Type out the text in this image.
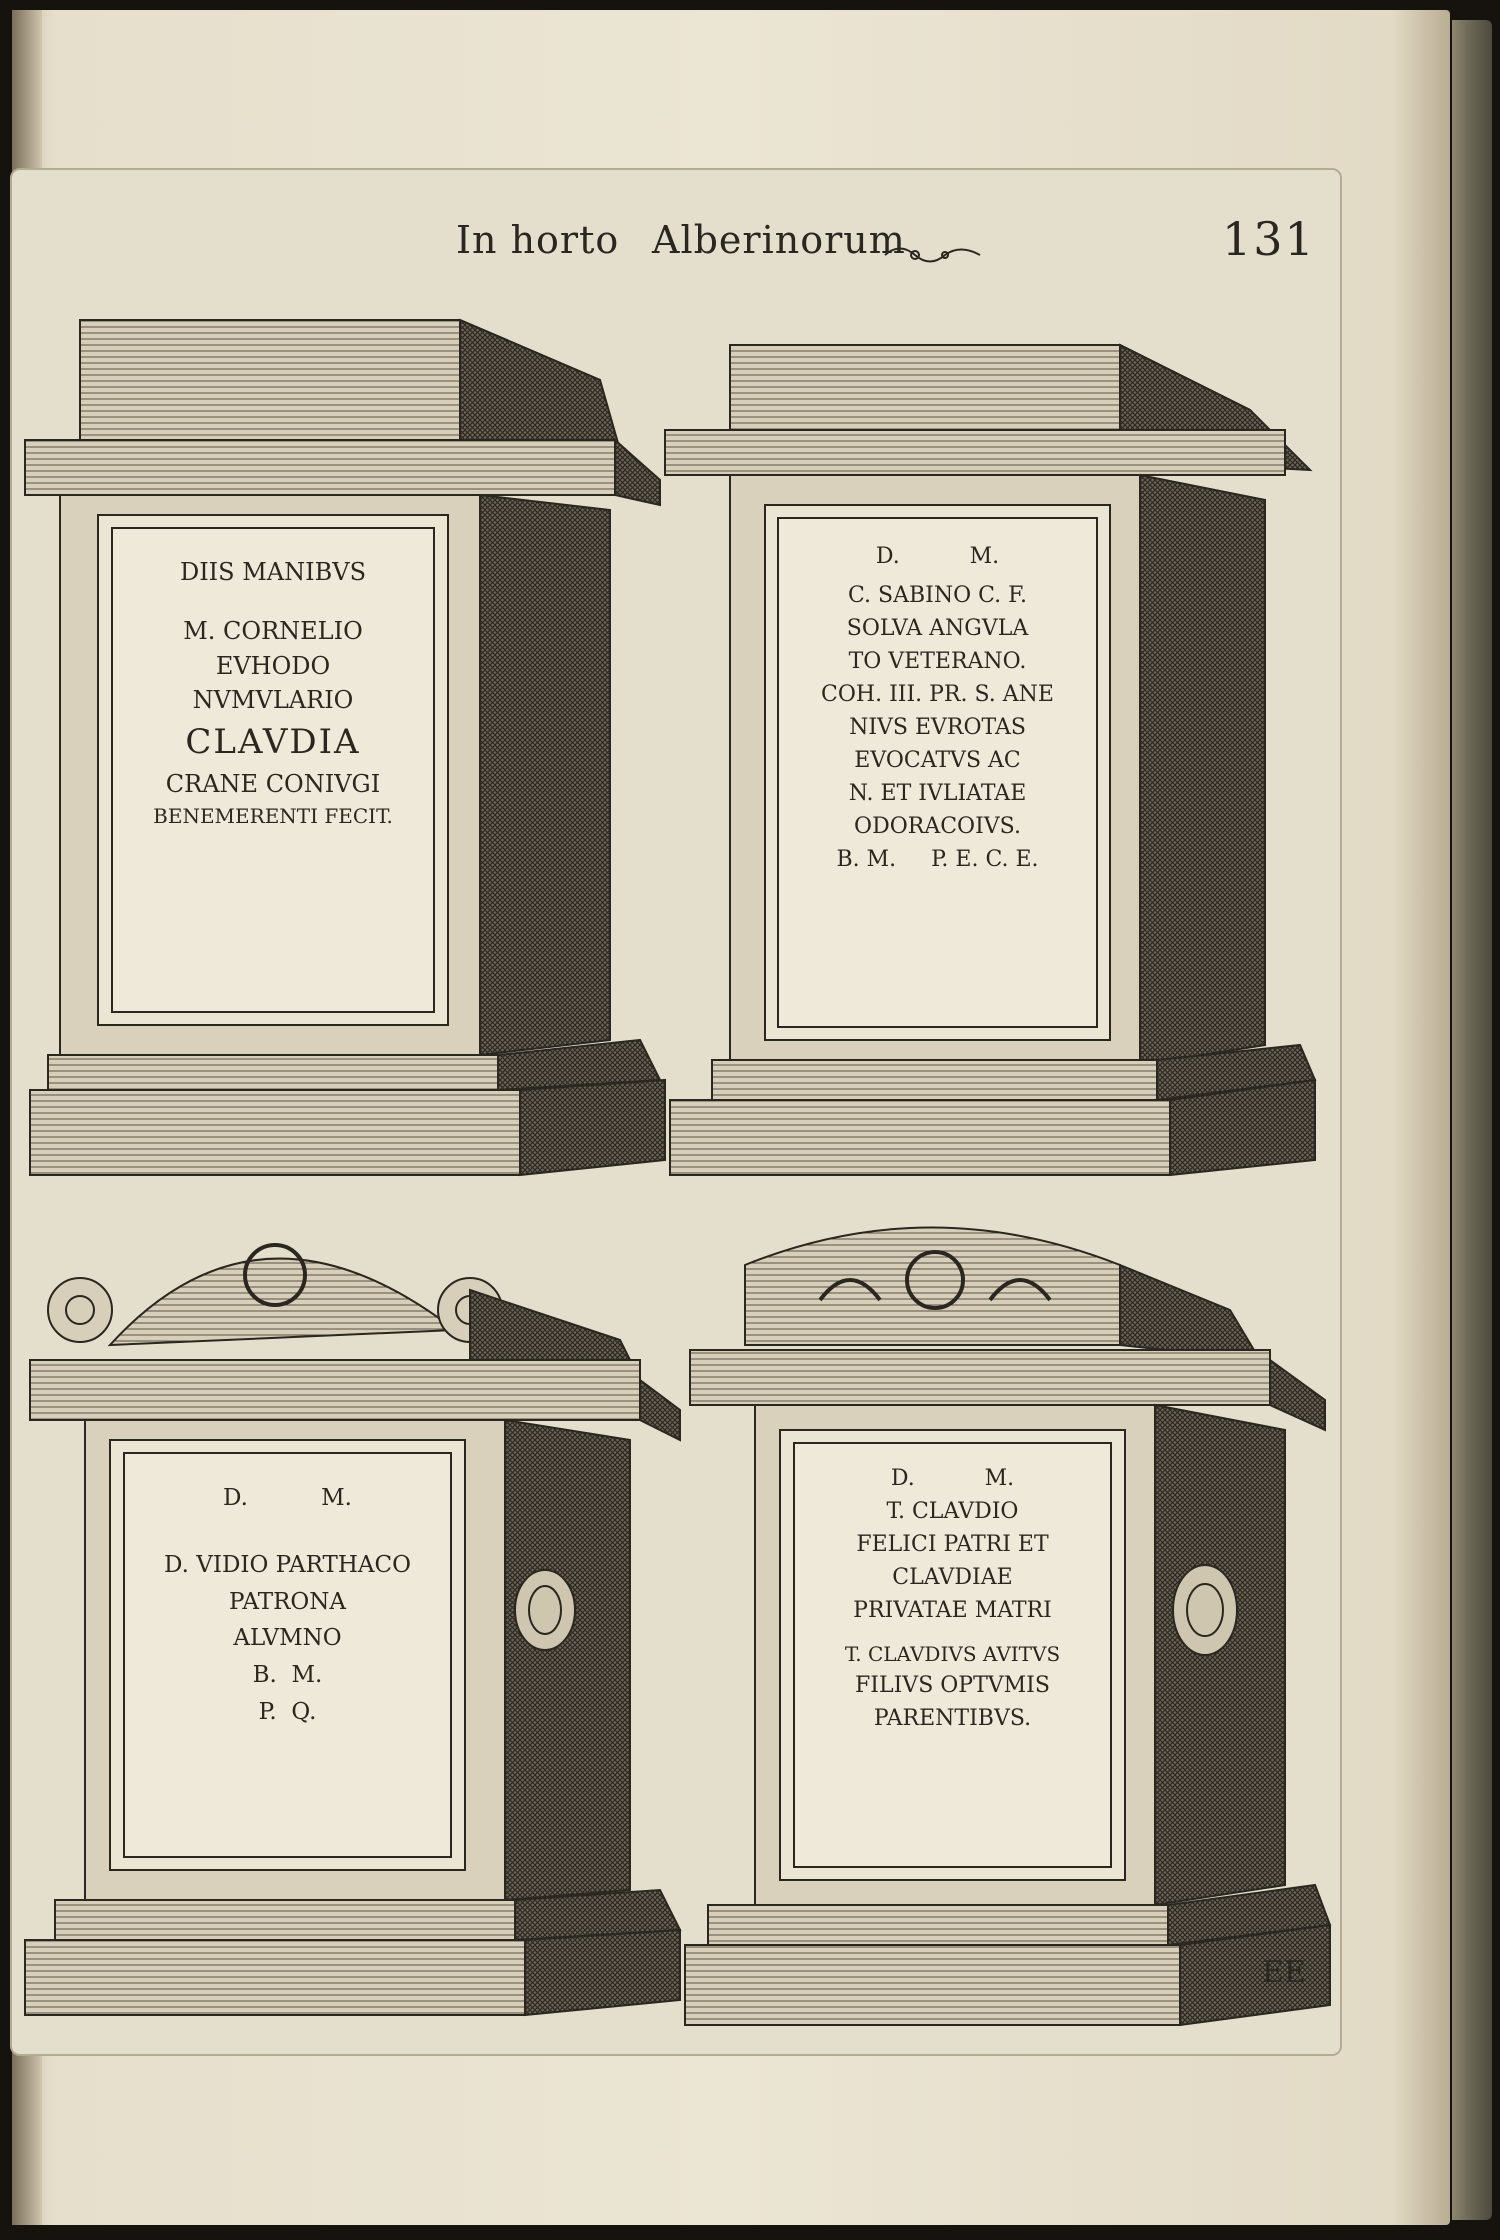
In horto Alberinorum	131
DIIS MANIBVS
M. CORNELIO
EVHODO
NVMVLARIO
CLAVDIA
CRANE CONIVGI
BENEMERENTI FECIT.
D.          M.
C. SABINO C. F.
SOLVA ANGVLA
TO VETERANO.
COH. III. PR. S. ANE
NIVS EVROTAS
EVOCATVS AC
N. ET IVLIATAE
ODORACOIVS.
B. M.     P. E. C. E.
D.          M.
D. VIDIO PARTHACO
PATRONA
ALVMNO
B.  M.
P.  Q.
D.          M.
T. CLAVDIO
FELICI PATRI ET
CLAVDIAE
PRIVATAE MATRI
T. CLAVDIVS AVITVS
FILIVS OPTVMIS
PARENTIBVS.
EE
